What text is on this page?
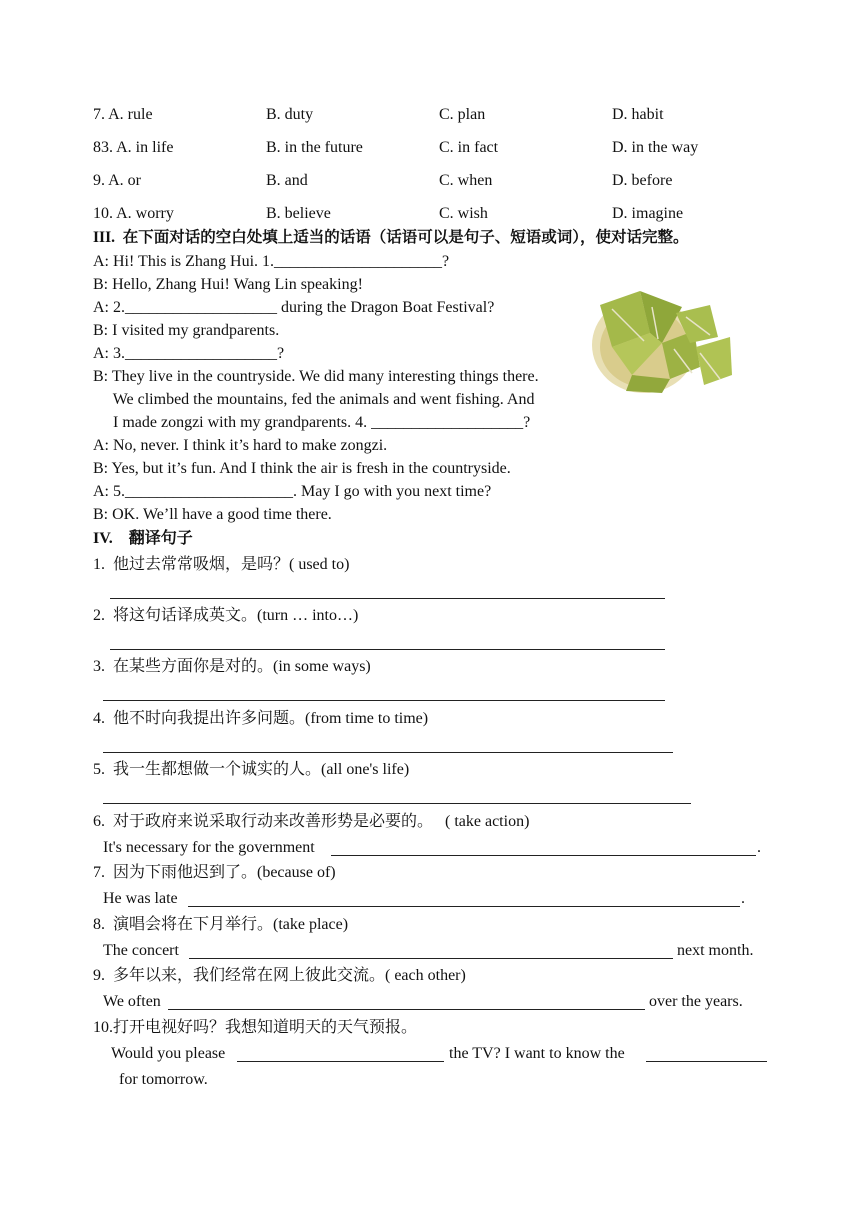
7. A. rule	B. duty	C. plan	D. habit
83. A. in life	B. in the future	C. in fact	D. in the way
9. A. or	B. and	C. when	D. before
10. A. worry	B. believe	C. wish	D. imagine
III.  在下面对话的空白处填上适当的话语（话语可以是句子、短语或词），使对话完整。
A: Hi! This is Zhang Hui. 1._____________________?
B: Hello, Zhang Hui! Wang Lin speaking!
A: 2.___________________ during the Dragon Boat Festival?
B: I visited my grandparents.
A: 3.___________________?
B: They live in the countryside. We did many interesting things there.
We climbed the mountains, fed the animals and went fishing. And
I made zongzi with my grandparents. 4. ___________________?
A: No, never. I think it’s hard to make zongzi.
B: Yes, but it’s fun. And I think the air is fresh in the countryside.
A: 5._____________________. May I go with you next time?
B: OK. We’ll have a good time there.
IV.    翻译句子
1.  他过去常常吸烟，是吗？( used to)
2.  将这句话译成英文。(turn … into…)
3.  在某些方面你是对的。(in some ways)
4.  他不时向我提出许多问题。(from time to time)
5.  我一生都想做一个诚实的人。(all one's life)
6.  对于政府来说采取行动来改善形势是必要的。   ( take action)
It's necessary for the government	.
7.  因为下雨他迟到了。(because of)
He was late	.
8.  演唱会将在下月举行。(take place)
The concert	next month.
9.  多年以来，我们经常在网上彼此交流。( each other)
We often	over the years.
10.打开电视好吗？我想知道明天的天气预报。
Would you please	the TV? I want to know the
for tomorrow.
